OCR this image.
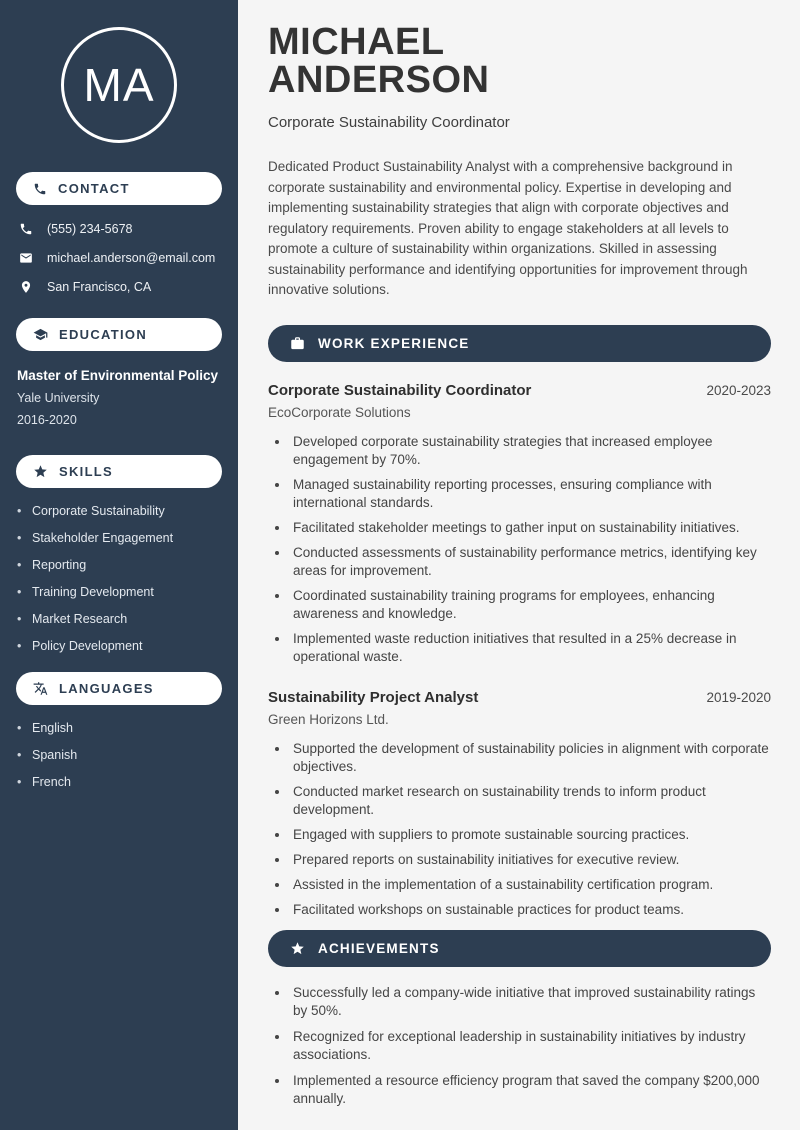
MA
CONTACT
(555) 234-5678
michael.anderson@email.com
San Francisco, CA
EDUCATION
Master of Environmental Policy
Yale University
2016-2020
SKILLS
• Corporate Sustainability
• Stakeholder Engagement
• Reporting
• Training Development
• Market Research
• Policy Development
LANGUAGES
• English
• Spanish
• French
MICHAEL
ANDERSON
Corporate Sustainability Coordinator

Dedicated Product Sustainability Analyst with a comprehensive background in corporate sustainability and environmental policy. Expertise in developing and implementing sustainability strategies that align with corporate objectives and regulatory requirements. Proven ability to engage stakeholders at all levels to promote a culture of sustainability within organizations. Skilled in assessing sustainability performance and identifying opportunities for improvement through innovative solutions.

WORK EXPERIENCE
Corporate Sustainability Coordinator	2020-2023
EcoCorporate Solutions
• Developed corporate sustainability strategies that increased employee engagement by 70%.
• Managed sustainability reporting processes, ensuring compliance with international standards.
• Facilitated stakeholder meetings to gather input on sustainability initiatives.
• Conducted assessments of sustainability performance metrics, identifying key areas for improvement.
• Coordinated sustainability training programs for employees, enhancing awareness and knowledge.
• Implemented waste reduction initiatives that resulted in a 25% decrease in operational waste.
Sustainability Project Analyst	2019-2020
Green Horizons Ltd.
• Supported the development of sustainability policies in alignment with corporate objectives.
• Conducted market research on sustainability trends to inform product development.
• Engaged with suppliers to promote sustainable sourcing practices.
• Prepared reports on sustainability initiatives for executive review.
• Assisted in the implementation of a sustainability certification program.
• Facilitated workshops on sustainable practices for product teams.
ACHIEVEMENTS
• Successfully led a company-wide initiative that improved sustainability ratings by 50%.
• Recognized for exceptional leadership in sustainability initiatives by industry associations.
• Implemented a resource efficiency program that saved the company $200,000 annually.
